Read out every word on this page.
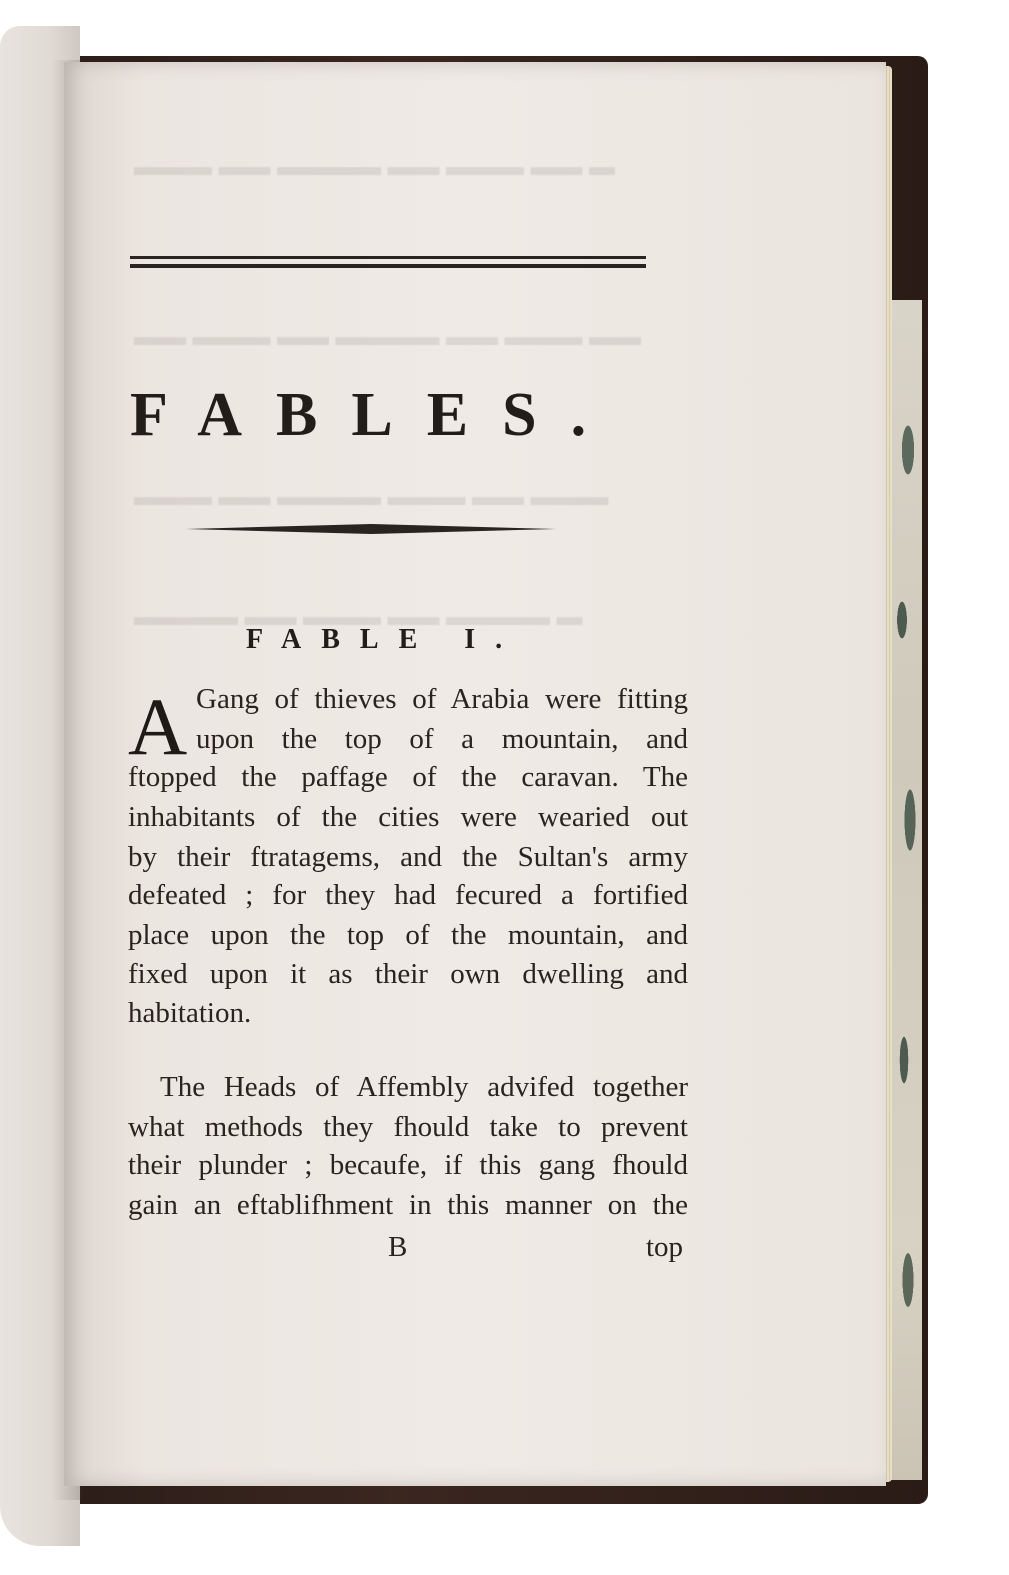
▬ ▬▬ ▬▬▬ ▬▬ ▬▬▬▬ ▬▬ ▬▬▬
▬▬ ▬▬▬ ▬▬ ▬▬▬▬ ▬▬ ▬▬▬ ▬▬
▬▬▬ ▬▬ ▬▬▬ ▬▬▬▬ ▬▬ ▬▬▬
▬ ▬▬▬▬ ▬▬ ▬▬▬ ▬▬ ▬▬▬▬
FABLES.
FABLE I.
A Gang of thieves of Arabia were fitting
upon the top of a mountain, and
ftopped the paffage of the caravan. The
inhabitants of the cities were wearied out
by their ftratagems, and the Sultan's army
defeated ; for they had fecured a fortified
place upon the top of the mountain, and
fixed upon it as their own dwelling and
habitation.
The Heads of Affembly advifed together
what methods they fhould take to prevent
their plunder ; becaufe, if this gang fhould
gain an eftablifhment in this manner on the
B	top
